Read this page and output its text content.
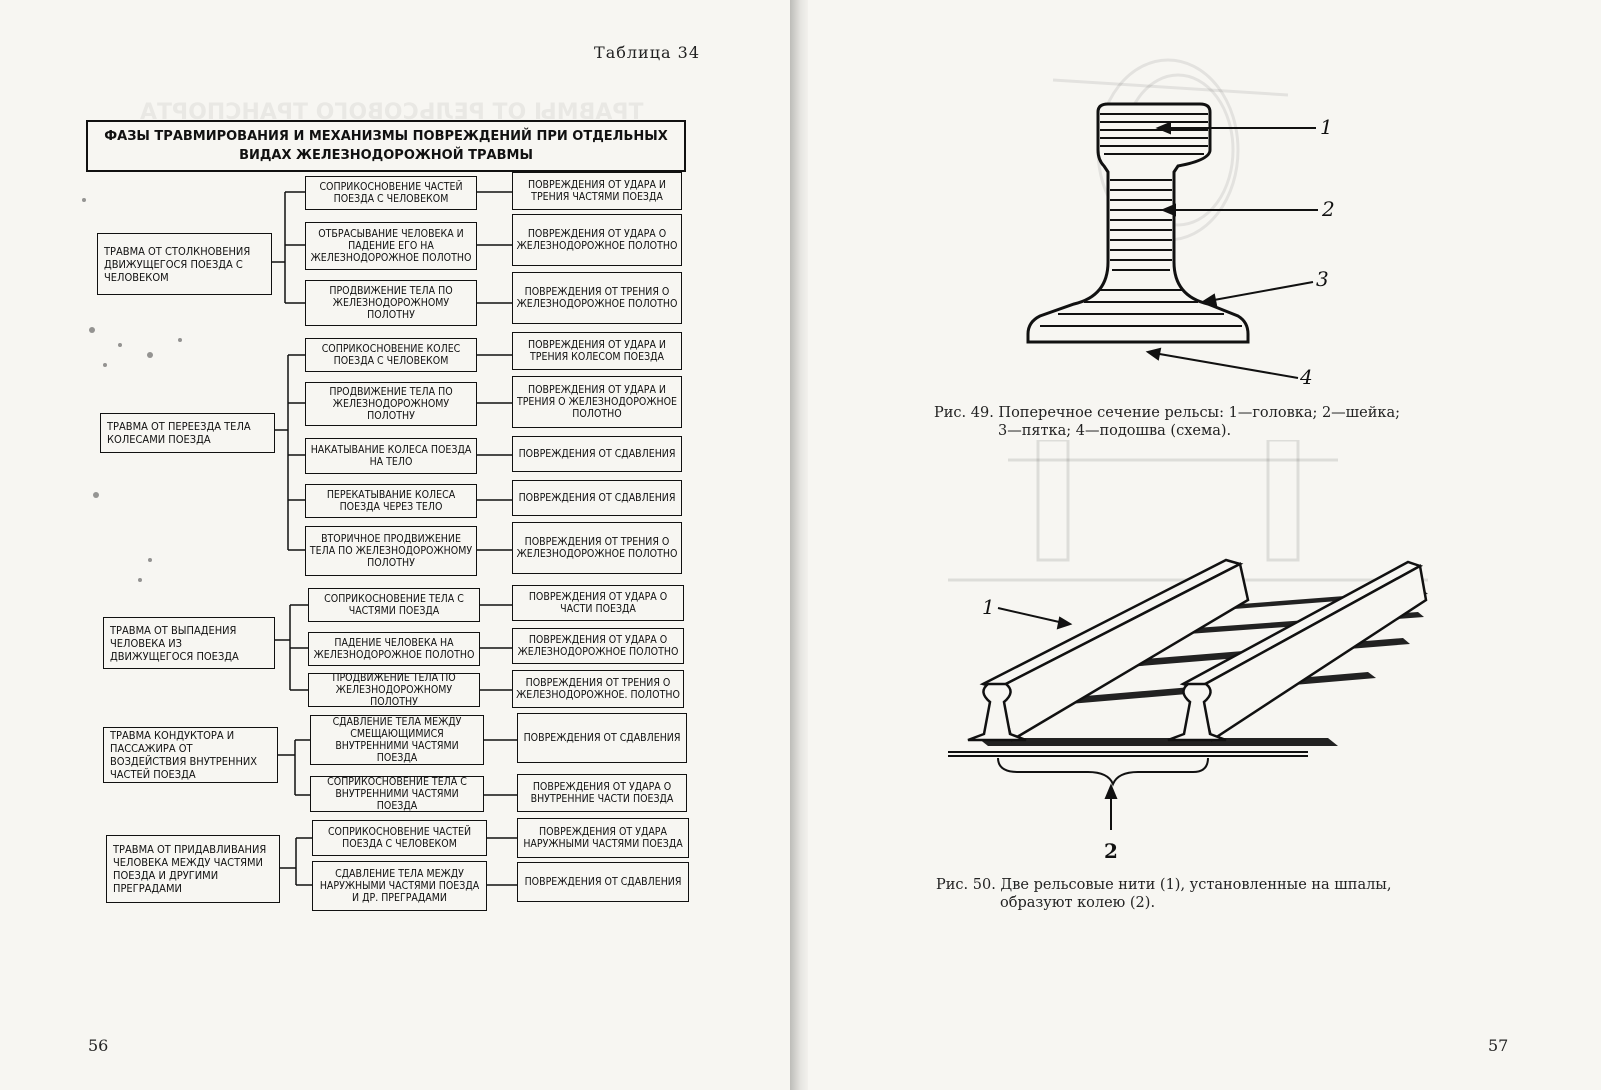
ТРАВМЫ ОТ РЕЛЬСОВОГО ТРАНСПОРТА
Таблица 34
ФАЗЫ ТРАВМИРОВАНИЯ И МЕХАНИЗМЫ ПОВРЕЖДЕНИЙ ПРИ ОТДЕЛЬНЫХ ВИДАХ ЖЕЛЕЗНОДОРОЖНОЙ ТРАВМЫ
ТРАВМА ОТ СТОЛКНОВЕНИЯ ДВИЖУЩЕГОСЯ ПОЕЗДА С ЧЕЛОВЕКОМ
СОПРИКОСНОВЕНИЕ ЧАСТЕЙ ПОЕЗДА С ЧЕЛОВЕКОМ
ОТБРАСЫВАНИЕ ЧЕЛОВЕКА И ПАДЕНИЕ ЕГО НА ЖЕЛЕЗНОДОРОЖНОЕ ПОЛОТНО
ПРОДВИЖЕНИЕ ТЕЛА ПО ЖЕЛЕЗНОДОРОЖНОМУ ПОЛОТНУ
ПОВРЕЖДЕНИЯ ОТ УДАРА И ТРЕНИЯ ЧАСТЯМИ ПОЕЗДА
ПОВРЕЖДЕНИЯ ОТ УДАРА О ЖЕЛЕЗНОДОРОЖНОЕ ПОЛОТНО
ПОВРЕЖДЕНИЯ ОТ ТРЕНИЯ О ЖЕЛЕЗНОДОРОЖНОЕ ПОЛОТНО
ТРАВМА ОТ ПЕРЕЕЗДА ТЕЛА КОЛЕСАМИ ПОЕЗДА
СОПРИКОСНОВЕНИЕ КОЛЕС ПОЕЗДА С ЧЕЛОВЕКОМ
ПРОДВИЖЕНИЕ ТЕЛА ПО ЖЕЛЕЗНОДОРОЖНОМУ ПОЛОТНУ
НАКАТЫВАНИЕ КОЛЕСА ПОЕЗДА НА ТЕЛО
ПЕРЕКАТЫВАНИЕ КОЛЕСА ПОЕЗДА ЧЕРЕЗ ТЕЛО
ВТОРИЧНОЕ ПРОДВИЖЕНИЕ ТЕЛА ПО ЖЕЛЕЗНОДОРОЖНОМУ ПОЛОТНУ
ПОВРЕЖДЕНИЯ ОТ УДАРА И ТРЕНИЯ КОЛЕСОМ ПОЕЗДА
ПОВРЕЖДЕНИЯ ОТ УДАРА И ТРЕНИЯ О ЖЕЛЕЗНОДОРОЖНОЕ ПОЛОТНО
ПОВРЕЖДЕНИЯ ОТ СДАВЛЕНИЯ
ПОВРЕЖДЕНИЯ ОТ СДАВЛЕНИЯ
ПОВРЕЖДЕНИЯ ОТ ТРЕНИЯ О ЖЕЛЕЗНОДОРОЖНОЕ ПОЛОТНО
ТРАВМА ОТ ВЫПАДЕНИЯ ЧЕЛОВЕКА ИЗ ДВИЖУЩЕГОСЯ ПОЕЗДА
СОПРИКОСНОВЕНИЕ ТЕЛА С ЧАСТЯМИ ПОЕЗДА
ПАДЕНИЕ ЧЕЛОВЕКА НА ЖЕЛЕЗНОДОРОЖНОЕ ПОЛОТНО
ПРОДВИЖЕНИЕ ТЕЛА ПО ЖЕЛЕЗНОДОРОЖНОМУ ПОЛОТНУ
ПОВРЕЖДЕНИЯ ОТ УДАРА О ЧАСТИ ПОЕЗДА
ПОВРЕЖДЕНИЯ ОТ УДАРА О ЖЕЛЕЗНОДОРОЖНОЕ ПОЛОТНО
ПОВРЕЖДЕНИЯ ОТ ТРЕНИЯ О ЖЕЛЕЗНОДОРОЖНОЕ. ПОЛОТНО
ТРАВМА КОНДУКТОРА И ПАССАЖИРА ОТ ВОЗДЕЙСТВИЯ ВНУТРЕННИХ ЧАСТЕЙ ПОЕЗДА
СДАВЛЕНИЕ ТЕЛА МЕЖДУ СМЕЩАЮЩИМИСЯ ВНУТРЕННИМИ ЧАСТЯМИ ПОЕЗДА
СОПРИКОСНОВЕНИЕ ТЕЛА С ВНУТРЕННИМИ ЧАСТЯМИ ПОЕЗДА
ПОВРЕЖДЕНИЯ ОТ СДАВЛЕНИЯ
ПОВРЕЖДЕНИЯ ОТ УДАРА О ВНУТРЕННИЕ ЧАСТИ ПОЕЗДА
ТРАВМА ОТ ПРИДАВЛИВАНИЯ ЧЕЛОВЕКА МЕЖДУ ЧАСТЯМИ ПОЕЗДА И ДРУГИМИ ПРЕГРАДАМИ
СОПРИКОСНОВЕНИЕ ЧАСТЕЙ ПОЕЗДА С ЧЕЛОВЕКОМ
СДАВЛЕНИЕ ТЕЛА МЕЖДУ НАРУЖНЫМИ ЧАСТЯМИ ПОЕЗДА И ДР. ПРЕГРАДАМИ
ПОВРЕЖДЕНИЯ ОТ УДАРА НАРУЖНЫМИ ЧАСТЯМИ ПОЕЗДА
ПОВРЕЖДЕНИЯ ОТ СДАВЛЕНИЯ
56
1
2
3
4
Рис. 49. Поперечное сечение рельсы: 1—головка; 2—шейка;
3—пятка; 4—подошва (схема).
1
2
Рис. 50. Две рельсовые нити (1), установленные на шпалы,
образуют колею (2).
57
